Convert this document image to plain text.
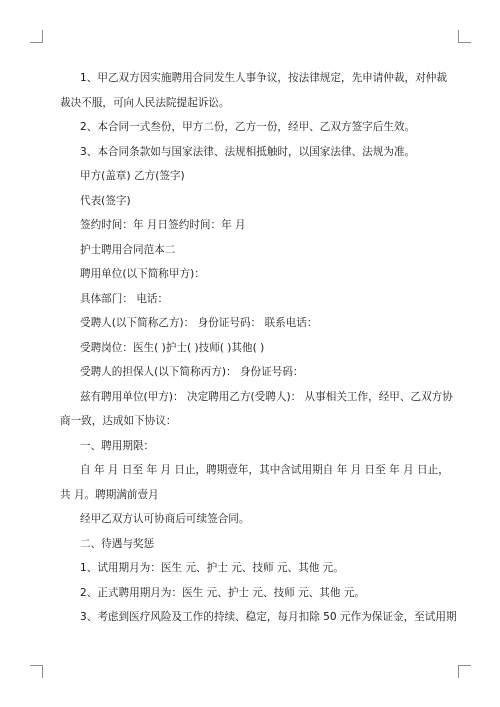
1、甲乙双方因实施聘用合同发生人事争议，按法律规定，先申请仲裁，对仲裁
裁决不服，可向人民法院提起诉讼。
2、本合同一式叁份，甲方二份，乙方一份，经甲、乙双方签字后生效。
3、本合同条款如与国家法律、法规相抵触时，以国家法律、法规为准。
甲方(盖章) 乙方(签字)
代表(签字)
签约时间：年 月日签约时间：年 月
护士聘用合同范本二
聘用单位(以下简称甲方)：
具体部门： 电话：
受聘人(以下简称乙方)： 身份证号码： 联系电话：
受聘岗位：医生( )护士( )技师( )其他( )
受聘人的担保人(以下简称丙方)： 身份证号码：
兹有聘用单位(甲方)： 决定聘用乙方(受聘人)： 从事相关工作，经甲、乙双方协
商一致，达成如下协议：
一、聘用期限：
自 年 月 日至 年 月 日止，聘期壹年，其中含试用期自 年 月 日至 年 月 日止，
共 月。聘期满前壹月
经甲乙双方认可协商后可续签合同。
二、待遇与奖惩
1、试用期月为：医生 元、护士 元、技师 元、其他 元。
2、正式聘用期月为：医生 元、护士 元、技师 元、其他 元。
3、考虑到医疗风险及工作的持续、稳定，每月扣除 50 元作为保证金，至试用期
